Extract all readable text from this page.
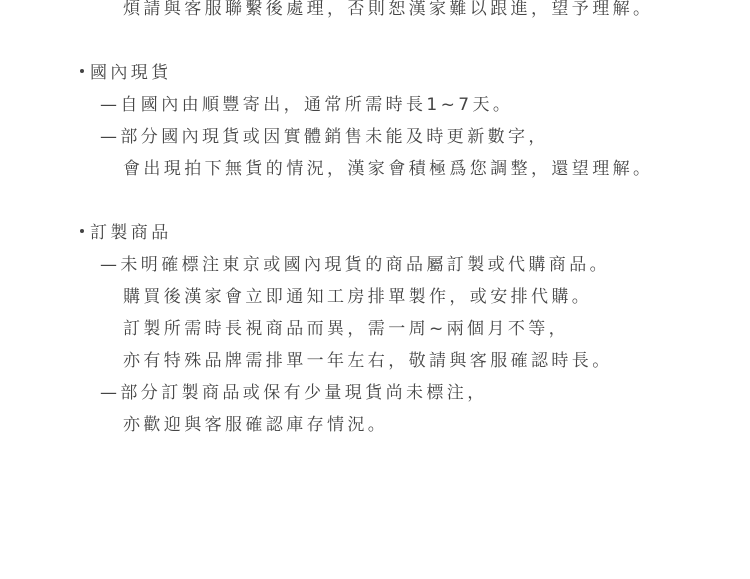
煩請與客服聯繫後處理，否則恕漢家難以跟進，望予理解。
國內現貨
—自國內由順豐寄出，通常所需時長1~7天。
—部分國內現貨或因實體銷售未能及時更新數字，
會出現拍下無貨的情況，漢家會積極爲您調整，還望理解。
訂製商品
—未明確標注東京或國內現貨的商品屬訂製或代購商品。
購買後漢家會立即通知工房排單製作，或安排代購。
訂製所需時長視商品而異，需一周~兩個月不等，
亦有特殊品牌需排單一年左右，敬請與客服確認時長。
—部分訂製商品或保有少量現貨尚未標注，
亦歡迎與客服確認庫存情況。
